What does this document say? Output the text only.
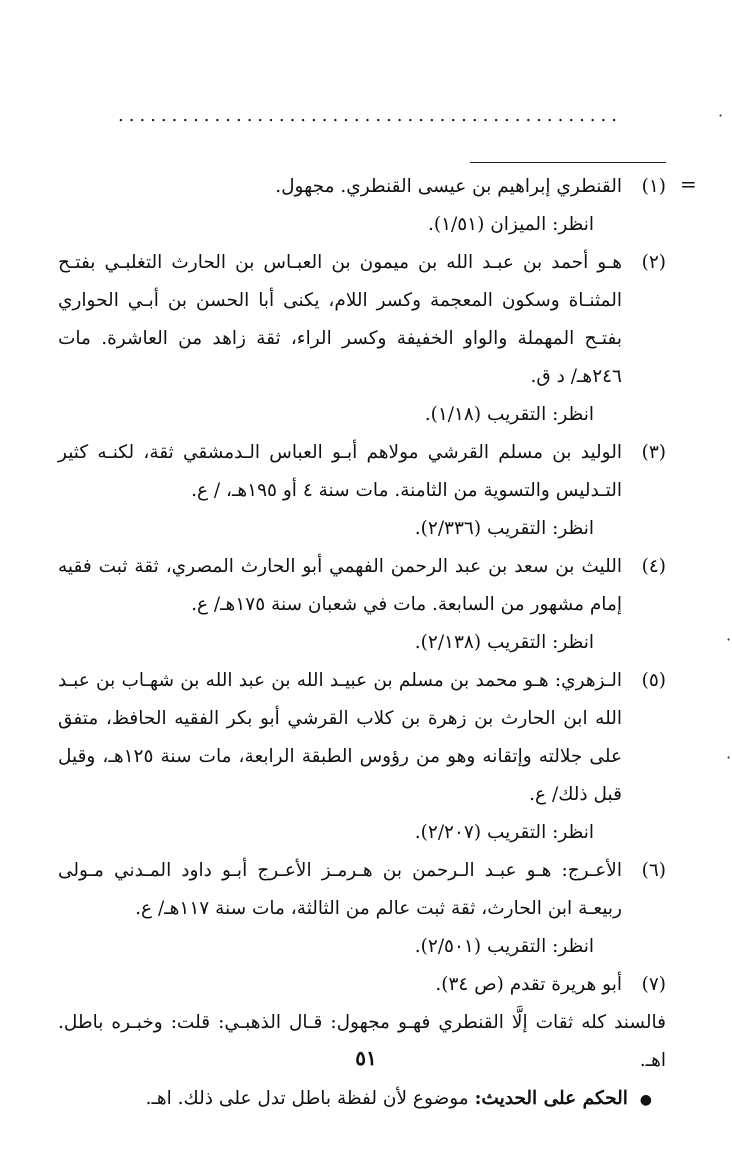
...............................................
=
·
·
·
(١)

القنطري إبراهيم بن عيسى القنطري. مجهول.

انظر: الميزان (١/٥١).

(٢)

هـو أحمد بن عبـد الله بن ميمون بن العبـاس بن الحارث التغلبـي بفتـح المثنـاة وسكون المعجمة وكسر اللام، يكنى أبا الحسن بن أبـي الحواري بفتـح المهملة والواو الخفيفة وكسر الراء، ثقة زاهد من العاشرة. مات ٢٤٦هـ/ د ق.

انظر: التقريب (١/١٨).

(٣)

الوليد بن مسلم القرشي مولاهم أبـو العباس الـدمشقي ثقة، لكنـه كثير التـدليس والتسوية من الثامنة. مات سنة ٤ أو ١٩٥هـ، / ع.

انظر: التقريب (٢/٣٣٦).

(٤)

الليث بن سعد بن عبد الرحمن الفهمي أبو الحارث المصري، ثقة ثبت فقيه إمام مشهور من السابعة. مات في شعبان سنة ١٧٥هـ/ ع.

انظر: التقريب (٢/١٣٨).

(٥)

الـزهري: هـو محمد بن مسلم بن عبيـد الله بن عبد الله بن شهـاب بن عبـد الله ابن الحارث بن زهرة بن كلاب القرشي أبو بكر الفقيه الحافظ، متفق على جلالته وإتقانه وهو من رؤوس الطبقة الرابعة، مات سنة ١٢٥هـ، وقيل قبل ذلك/ ع.

انظر: التقريب (٢/٢٠٧).

(٦)

الأعـرج: هـو عبـد الـرحمن بن هـرمـز الأعـرج أبـو داود المـدني مـولى ربيعـة ابن الحارث، ثقة ثبت عالم من الثالثة، مات سنة ١١٧هـ/ ع.

انظر: التقريب (٢/٥٠١).

(٧)

أبو هريرة تقدم (ص ٣٤).

فالسند كله ثقات إلَّا القنطري فهـو مجهول: قـال الذهبـي: قلت: وخبـره باطل. اهـ.

● الحكم على الحديث: موضوع لأن لفظة باطل تدل على ذلك. اهـ.

٥١
